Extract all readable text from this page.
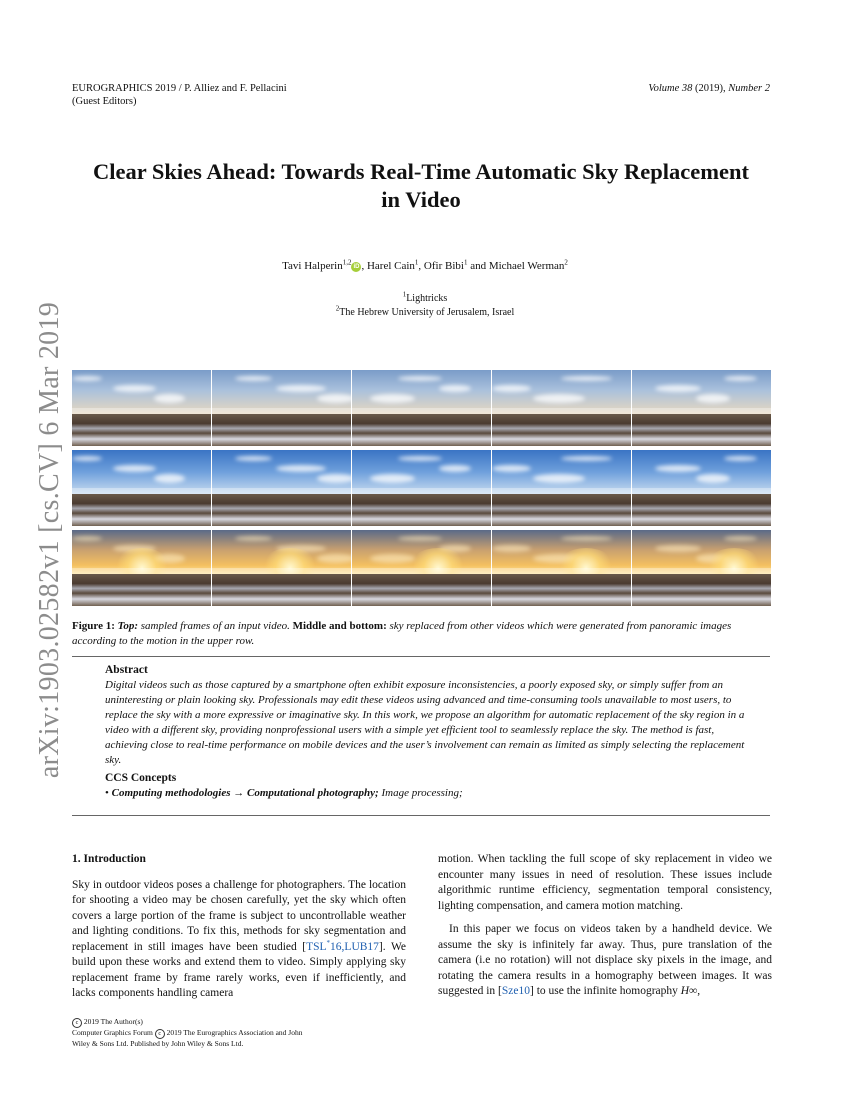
EUROGRAPHICS 2019 / P. Alliez and F. Pellacini
(Guest Editors)
Volume 38 (2019), Number 2
Clear Skies Ahead: Towards Real-Time Automatic Sky Replacement
in Video
Tavi Halperin$^{1,2}$iD , Harel Cain$^1$, Ofir Bibi$^1$ and Michael Werman$^2$
$^1$Lightricks
$^2$The Hebrew University of Jerusalem, Israel
arXiv:1903.02582v1 [cs.CV] 6 Mar 2019 Figure 1: Top: sampled frames of an input video. Middle and bottom: sky replaced from other videos which were generated from panoramic images according to the motion in the upper row.
Abstract
Digital videos such as those captured by a smartphone often exhibit exposure inconsistencies, a poorly exposed sky, or simply suffer from an uninteresting or plain looking sky. Professionals may edit these videos using advanced and time-consuming tools unavailable to most users, to replace the sky with a more expressive or imaginative sky. In this work, we propose an algorithm for automatic replacement of the sky region in a video with a different sky, providing nonprofessional users with a simple yet efficient tool to seamlessly replace the sky. The method is fast, achieving close to real-time performance on mobile devices and the user’s involvement can remain as limited as simply selecting the replacement sky.
CCS Concepts
• Computing methodologies → Computational photography; Image processing;
1. Introduction

Sky in outdoor videos poses a challenge for photographers. The location for shooting a video may be chosen carefully, yet the sky which often covers a large portion of the frame is subject to uncontrollable weather and lighting conditions. To fix this, methods for sky segmentation and replacement in still images have been studied [TSL*16,LUB17]. We build upon these works and extend them to video. Simply applying sky replacement frame by frame rarely works, even if inefficiently, and lacks components handling camera

motion. When tackling the full scope of sky replacement in video we encounter many issues in need of resolution. These issues include algorithmic runtime efficiency, segmentation temporal consistency, lighting compensation, and camera motion matching.

In this paper we focus on videos taken by a handheld device. We assume the sky is infinitely far away. Thus, pure translation of the camera (i.e no rotation) will not displace sky pixels in the image, and rotating the camera results in a homography between images. It was suggested in [Sze10] to use the infinite homography H∞,

c 2019 The Author(s)
Computer Graphics Forum c 2019 The Eurographics Association and John
Wiley & Sons Ltd. Published by John Wiley & Sons Ltd.
